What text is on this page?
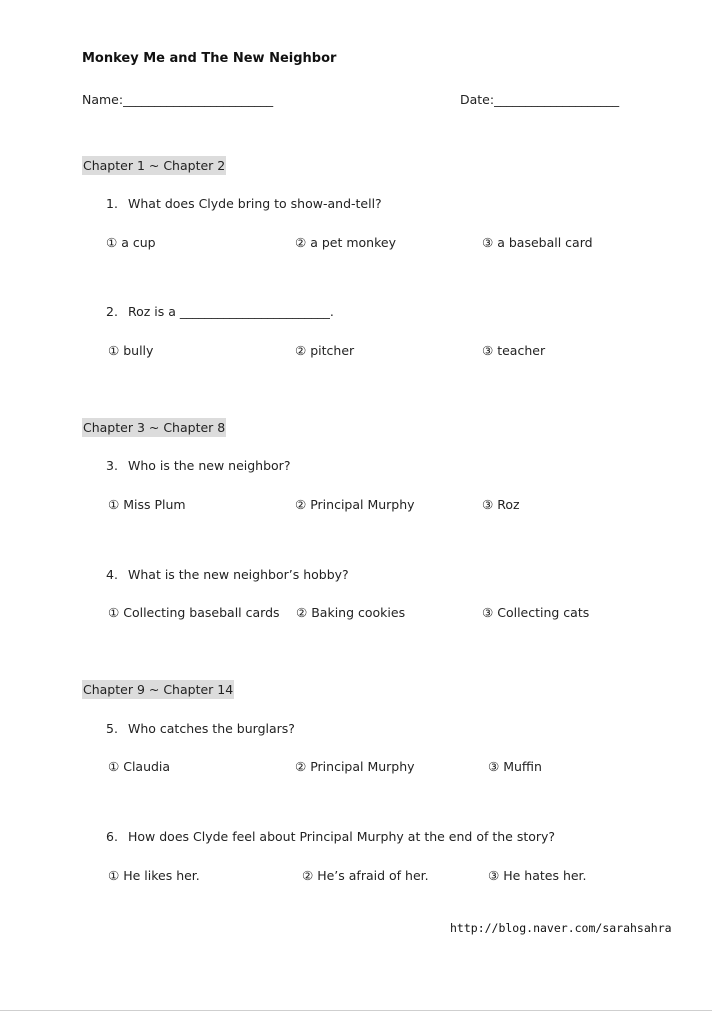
Monkey Me and The New Neighbor
Name:________________________	Date:____________________
Chapter 1 ~ Chapter 2
1. What does Clyde bring to show-and-tell?
① a cup	② a pet monkey	③ a baseball card
2. Roz is a ________________________.
① bully	② pitcher	③ teacher
Chapter 3 ~ Chapter 8
3. Who is the new neighbor?
① Miss Plum	② Principal Murphy	③ Roz
4. What is the new neighbor’s hobby?
① Collecting baseball cards ② Baking cookies	③ Collecting cats
Chapter 9 ~ Chapter 14
5. Who catches the burglars?
① Claudia	② Principal Murphy	③ Muffin
6. How does Clyde feel about Principal Murphy at the end of the story?
① He likes her.	② He’s afraid of her.	③ He hates her.
http://blog.naver.com/sarahsahra
